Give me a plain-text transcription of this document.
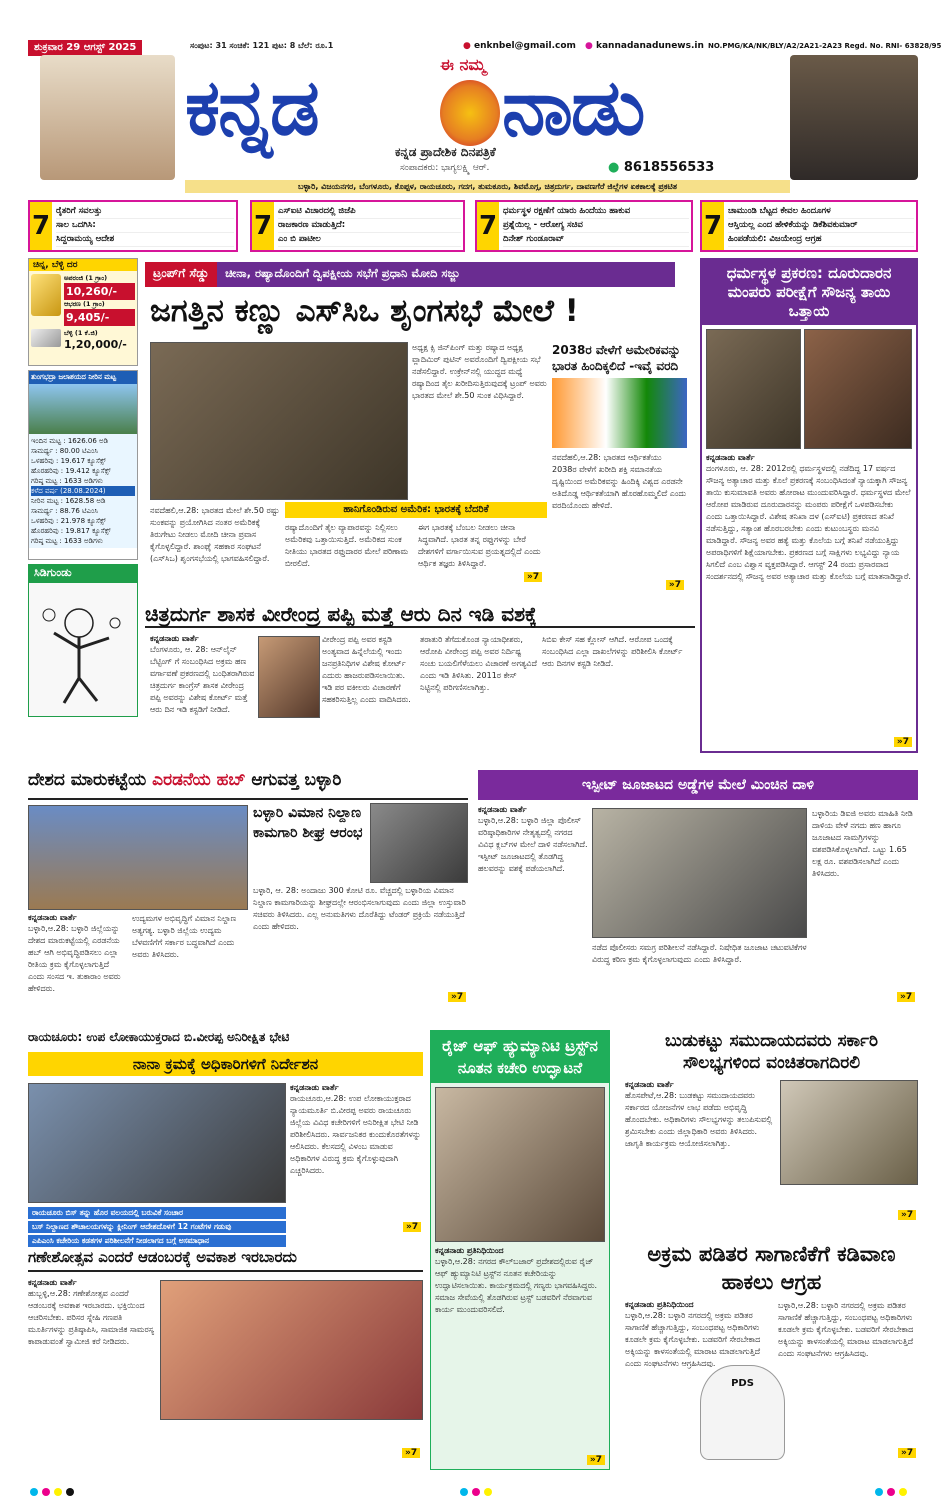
ಶುಕ್ರವಾರ 29 ಆಗಸ್ಟ್ 2025	ಸಂಪುಟ: 31 ಸಂಚಿಕೆ: 121 ಪುಟ: 8 ಬೆಲೆ: ರೂ.1	● enknbel@gmail.com ● kannadanadunews.in NO.PMG/KA/NK/BLY/A2/2A21-2A23 Regd. No. RNI- 63828/95
ಕನ್ನಡ	ಈ ನಮ್ಮ ನಾಡು
ಕನ್ನಡ ಪ್ರಾದೇಶಿಕ ದಿನಪತ್ರಿಕೆ
ಸಂಪಾದಕರು: ಭಾಗ್ಯಲಕ್ಷ್ಮಿ ಆರ್.	● 8618556533
ಬಳ್ಳಾರಿ, ವಿಜಯನಗರ, ಬೆಂಗಳೂರು, ಕೊಪ್ಪಳ, ರಾಯಚೂರು, ಗದಗ, ತುಮಕೂರು, ಶಿವಮೊಗ್ಗ, ಚಿತ್ರದುರ್ಗ, ದಾವಣಗೆರೆ ಜಿಲ್ಲೆಗಳ ಏಕಕಾಲಕ್ಕೆ ಪ್ರಕಟಿತ
7 ರೈತರಿಗೆ ಸವಲತ್ತು
ಸಾಲ ಒದಗಿಸಿ:
ಸಿದ್ದರಾಮಯ್ಯ ಆದೇಶ	7 ಎಸ್‌ಐಟಿ ವಿಚಾರದಲ್ಲಿ ಜಿಜೆಪಿ
ರಾಜಕಾರಣ ಮಾಡುತ್ತಿದೆ:
ಎಂ ಬಿ ಪಾಟೀಲ	7 ಧರ್ಮಸ್ಥಳ ರಕ್ಷಣೆಗೆ ಯಾರು ಹಿಂದೆಯು ಹಾಕುವ
ಪ್ರಶ್ನೆಯಿಲ್ಲ - ಆರೋಗ್ಯ ಸಚಿವ
ದಿನೇಶ್ ಗುಂಡೂರಾವ್	7 ಚಾಮುಂಡಿ ಬೆಟ್ಟದ ಕೇವಲ ಹಿಂದೂಗಳ
ಆಸ್ತಿಯಲ್ಲ ಎಂದ ಹೇಳಿಕೆಯನ್ನು ಡಿಕೆಶಿವಕುಮಾರ್
ಹಿಂಪಡೆಯಲಿ: ವಿಜಯೇಂದ್ರ ಆಗ್ರಹ
ಚಿನ್ನ, ಬೆಳ್ಳಿ ದರ
ಅಪರಂಜಿ (1 ಗ್ರಾಂ)
10,260/-
ಆಭರಣ (1 ಗ್ರಾಂ)
9,405/-
ಬೆಳ್ಳಿ (1 ಕೆ.ಜಿ)
1,20,000/-
ತುಂಗಭದ್ರಾ ಜಲಾಶಯದ ನೀರಿನ ಮಟ್ಟ
ಇಂದಿನ ಮಟ್ಟ : 1626.06 ಅಡಿ
ಸಾಮರ್ಥ್ಯ : 80.00 ಟಿಎಂಸಿ
ಒಳಹರಿವು : 19.617 ಕ್ಯೂಸೆಕ್ಸ್
ಹೊರಹರಿವು : 19.412 ಕ್ಯೂಸೆಕ್ಸ್
ಗರಿಷ್ಠ ಮಟ್ಟ : 1633 ಅಡಿಗಳು
ಕಳೆದ ವರ್ಷ (28.08.2024)
ನೀರಿನ ಮಟ್ಟ : 1628.58 ಅಡಿ
ಸಾಮರ್ಥ್ಯ : 88.76 ಟಿಎಂಸಿ
ಒಳಹರಿವು : 21.978 ಕ್ಯೂಸೆಕ್ಸ್
ಹೊರಹರಿವು : 19.817 ಕ್ಯೂಸೆಕ್ಸ್
ಗರಿಷ್ಠ ಮಟ್ಟ : 1633 ಅಡಿಗಳು
ಸಿಡಿಗುಂಡು
ಟ್ರಂಪ್‌ಗೆ ಸೆಡ್ಡು	ಚೀನಾ, ರಷ್ಯಾದೊಂದಿಗೆ ದ್ವಿಪಕ್ಷೀಯ ಸಭೆಗೆ ಪ್ರಧಾನಿ ಮೋದಿ ಸಜ್ಜು
ಜಗತ್ತಿನ ಕಣ್ಣು ಎಸ್‌ಸಿಒ ಶೃಂಗಸಭೆ ಮೇಲೆ !
ಅಧ್ಯಕ್ಷ ಕ್ಸಿ ಜಿನ್‌ಪಿಂಗ್ ಮತ್ತು ರಷ್ಯಾದ ಅಧ್ಯಕ್ಷ ವ್ಲಾದಿಮಿರ್ ಪುಟಿನ್ ಅವರೊಂದಿಗೆ ದ್ವಿಪಕ್ಷೀಯ ಸಭೆ ನಡೆಸಲಿದ್ದಾರೆ. ಉಕ್ರೇನ್‌ನಲ್ಲಿ ಯುದ್ಧದ ಮಧ್ಯೆ ರಷ್ಯಾದಿಂದ ತೈಲ ಖರೀದಿಸುತ್ತಿರುವುದಕ್ಕೆ ಟ್ರಂಪ್ ಅವರು ಭಾರತದ ಮೇಲೆ ಶೇ.50 ಸುಂಕ ವಿಧಿಸಿದ್ದಾರೆ.
2038ರ ವೇಳೆಗೆ ಅಮೇರಿಕವನ್ನು ಭಾರತ ಹಿಂದಿಕ್ಕಲಿದೆ -ಇವೈ ವರದಿ
ನವದೆಹಲಿ,ಆ.28: ಭಾರತದ ಆರ್ಥಿಕತೆಯು 2038ರ ವೇಳೆಗೆ ಖರೀದಿ ಶಕ್ತಿ ಸಮಾನತೆಯ ದೃಷ್ಟಿಯಿಂದ ಅಮೆರಿಕವನ್ನು ಹಿಂದಿಕ್ಕಿ ವಿಶ್ವದ ಎರಡನೇ ಅತಿದೊಡ್ಡ ಆರ್ಥಿಕತೆಯಾಗಿ ಹೊರಹೊಮ್ಮಲಿದೆ ಎಂದು ವರದಿಯೊಂದು ಹೇಳಿದೆ.
»7
ನವದೆಹಲಿ,ಆ.28: ಭಾರತದ ಮೇಲೆ ಶೇ.50 ರಷ್ಟು ಸುಂಕವನ್ನು ಪ್ರಯೋಗಿಸಿದ ನಂತರ ಅಮೆರಿಕಕ್ಕೆ ತಿರುಗೇಟು ನೀಡಲು ಮೋದಿ ಚೀನಾ ಪ್ರವಾಸ ಕೈಗೊಳ್ಳಲಿದ್ದಾರೆ. ಶಾಂಘೈ ಸಹಕಾರ ಸಂಘಟನೆ (ಎಸ್‌ಸಿಒ) ಶೃಂಗಸಭೆಯಲ್ಲಿ ಭಾಗವಹಿಸಲಿದ್ದಾರೆ.
ಹಾನಿಗೊಂಡಿರುವ ಅಮೆರಿಕ: ಭಾರತಕ್ಕೆ ಬೆದರಿಕೆ
ರಷ್ಯಾದೊಂದಿಗೆ ತೈಲ ವ್ಯಾಪಾರವನ್ನು ನಿಲ್ಲಿಸಲು ಅಮೆರಿಕವು ಒತ್ತಾಯಿಸುತ್ತಿದೆ. ಅಮೆರಿಕದ ಸುಂಕ ನೀತಿಯು ಭಾರತದ ರಫ್ತುದಾರರ ಮೇಲೆ ಪರಿಣಾಮ ಬೀರಲಿದೆ.
ಈಗ ಭಾರತಕ್ಕೆ ಬೆಂಬಲ ನೀಡಲು ಚೀನಾ ಸಿದ್ಧವಾಗಿದೆ. ಭಾರತ ತನ್ನ ರಫ್ತುಗಳನ್ನು ಬೇರೆ ದೇಶಗಳಿಗೆ ವರ್ಗಾಯಿಸುವ ಪ್ರಯತ್ನದಲ್ಲಿದೆ ಎಂದು ಆರ್ಥಿಕ ತಜ್ಞರು ತಿಳಿಸಿದ್ದಾರೆ.
»7
ಧರ್ಮಸ್ಥಳ ಪ್ರಕರಣ: ದೂರುದಾರನ ಮಂಪರು ಪರೀಕ್ಷೆಗೆ ಸೌಜನ್ಯ ತಾಯಿ ಒತ್ತಾಯ
ಕನ್ನಡನಾಡು ವಾರ್ತೆ
ದಂಗಳೂರು, ಆ. 28: 2012ರಲ್ಲಿ ಧರ್ಮಸ್ಥಳದಲ್ಲಿ ನಡೆದಿದ್ದ 17 ವರ್ಷದ ಸೌಜನ್ಯ ಅತ್ಯಾಚಾರ ಮತ್ತು ಕೊಲೆ ಪ್ರಕರಣಕ್ಕೆ ಸಂಬಂಧಿಸಿದಂತೆ ನ್ಯಾಯಕ್ಕಾಗಿ ಸೌಜನ್ಯ ತಾಯಿ ಕುಸುಮಾವತಿ ಅವರು ಹೋರಾಟ ಮುಂದುವರಿಸಿದ್ದಾರೆ. ಧರ್ಮಸ್ಥಳದ ಮೇಲೆ ಆರೋಪ ಮಾಡಿರುವ ದೂರುದಾರನನ್ನು ಮಂಪರು ಪರೀಕ್ಷೆಗೆ ಒಳಪಡಿಸಬೇಕು ಎಂದು ಒತ್ತಾಯಿಸಿದ್ದಾರೆ. ವಿಶೇಷ ತನಿಖಾ ದಳ (ಎಸ್‌ಐಟಿ) ಪ್ರಕರಣದ ತನಿಖೆ ನಡೆಸುತ್ತಿದ್ದು, ಸತ್ಯಾಂಶ ಹೊರಬರಬೇಕು ಎಂದು ಕುಟುಂಬಸ್ಥರು ಮನವಿ ಮಾಡಿದ್ದಾರೆ. ಸೌಜನ್ಯ ಅವರ ಹತ್ಯೆ ಮತ್ತು ಕೊಲೆಯ ಬಗ್ಗೆ ತನಿಖೆ ನಡೆಯುತ್ತಿದ್ದು ಅಪರಾಧಿಗಳಿಗೆ ಶಿಕ್ಷೆಯಾಗಬೇಕು. ಪ್ರಕರಣದ ಬಗ್ಗೆ ಸಾಕ್ಷಿಗಳು ಲಭ್ಯವಿದ್ದು ನ್ಯಾಯ ಸಿಗಲಿದೆ ಎಂಬ ವಿಶ್ವಾಸ ವ್ಯಕ್ತಪಡಿಸಿದ್ದಾರೆ. ಆಗಸ್ಟ್ 24 ರಂದು ಪ್ರಸಾರವಾದ ಸಂದರ್ಶನದಲ್ಲಿ ಸೌಜನ್ಯ ಅವರ ಅತ್ಯಾಚಾರ ಮತ್ತು ಕೊಲೆಯ ಬಗ್ಗೆ ಮಾತನಾಡಿದ್ದಾರೆ.
»7
ಚಿತ್ರದುರ್ಗ ಶಾಸಕ ವೀರೇಂದ್ರ ಪಪ್ಪಿ ಮತ್ತೆ ಆರು ದಿನ ಇಡಿ ವಶಕ್ಕೆ
ಕನ್ನಡನಾಡು ವಾರ್ತೆ
ಬೆಂಗಳೂರು, ಆ. 28: ಆನ್‌ಲೈನ್ ಬೆಟ್ಟಿಂಗ್ ಗೆ ಸಂಬಂಧಿಸಿದ ಅಕ್ರಮ ಹಣ ವರ್ಗಾವಣೆ ಪ್ರಕರಣದಲ್ಲಿ ಬಂಧಿತರಾಗಿರುವ ಚಿತ್ರದುರ್ಗ ಕಾಂಗ್ರೆಸ್ ಶಾಸಕ ವೀರೇಂದ್ರ ಪಪ್ಪಿ ಅವರನ್ನು ವಿಶೇಷ ಕೋರ್ಟ್ ಮತ್ತೆ ಆರು ದಿನ ಇಡಿ ಕಸ್ಟಡಿಗೆ ನೀಡಿದೆ.
ವೀರೇಂದ್ರ ಪಪ್ಪಿ ಅವರ ಕಸ್ಟಡಿ ಅಂತ್ಯವಾದ ಹಿನ್ನೆಲೆಯಲ್ಲಿ ಇಂದು ಜನಪ್ರತಿನಿಧಿಗಳ ವಿಶೇಷ ಕೋರ್ಟ್ ಎದುರು ಹಾಜರುಪಡಿಸಲಾಯಿತು. ಇಡಿ ಪರ ವಕೀಲರು ವಿಚಾರಣೆಗೆ ಸಹಕರಿಸುತ್ತಿಲ್ಲ ಎಂದು ವಾದಿಸಿದರು.
ತರಾತುರಿ ತೆಗೆದುಕೊಂಡ ನ್ಯಾಯಾಧೀಶರು, ಆರೋಪಿ ವೀರೇಂದ್ರ ಪಪ್ಪಿ ಅವರ ನಿರ್ದಿಷ್ಟ ಸಂಚು ಬಯಲಿಗೆಳೆಯಲು ವಿಚಾರಣೆ ಅಗತ್ಯವಿದೆ ಎಂದು ಇಡಿ ತಿಳಿಸಿತು. 2011ರ ಕೇಸ್ ನಿಟ್ಟಿನಲ್ಲಿ ಪರಿಗಣಿಸಲಾಗಿತ್ತು.
ಸಿಬಿಐ ಕೇಸ್ ಸಹ ಕ್ಲೋಸ್ ಆಗಿದೆ. ಆರೋಪ ಒಂದಕ್ಕೆ ಸಂಬಂಧಿಸಿದ ಎಲ್ಲಾ ದಾಖಲೆಗಳನ್ನು ಪರಿಶೀಲಿಸಿ ಕೋರ್ಟ್ ಆರು ದಿನಗಳ ಕಸ್ಟಡಿ ನೀಡಿದೆ.
ದೇಶದ ಮಾರುಕಟ್ಟೆಯ ಎರಡನೆಯ ಹಬ್ ಆಗುವತ್ತ ಬಳ್ಳಾರಿ
ಬಳ್ಳಾರಿ ವಿಮಾನ ನಿಲ್ದಾಣ ಕಾಮಗಾರಿ ಶೀಘ್ರ ಆರಂಭ
ಕನ್ನಡನಾಡು ವಾರ್ತೆ
ಬಳ್ಳಾರಿ,ಆ.28: ಬಳ್ಳಾರಿ ಜಿಲ್ಲೆಯನ್ನು ದೇಶದ ಮಾರುಕಟ್ಟೆಯಲ್ಲಿ ಎರಡನೆಯ ಹಬ್ ಆಗಿ ಅಭಿವೃದ್ಧಿಪಡಿಸಲು ಎಲ್ಲಾ ರೀತಿಯ ಕ್ರಮ ಕೈಗೊಳ್ಳಲಾಗುತ್ತಿದೆ ಎಂದು ಸಂಸದ ಇ. ತುಕಾರಾಂ ಅವರು ಹೇಳಿದರು.
ಉದ್ಯಮಗಳ ಅಭಿವೃದ್ಧಿಗೆ ವಿಮಾನ ನಿಲ್ದಾಣ ಅತ್ಯಗತ್ಯ. ಬಳ್ಳಾರಿ ಜಿಲ್ಲೆಯ ಉದ್ಯಮ ಬೆಳವಣಿಗೆಗೆ ಸರ್ಕಾರ ಬದ್ಧವಾಗಿದೆ ಎಂದು ಅವರು ತಿಳಿಸಿದರು.
ಬಳ್ಳಾರಿ, ಆ. 28: ಅಂದಾಜು 300 ಕೋಟಿ ರೂ. ವೆಚ್ಚದಲ್ಲಿ ಬಳ್ಳಾರಿಯ ವಿಮಾನ ನಿಲ್ದಾಣ ಕಾಮಗಾರಿಯನ್ನು ಶೀಘ್ರದಲ್ಲೇ ಆರಂಭಿಸಲಾಗುವುದು ಎಂದು ಜಿಲ್ಲಾ ಉಸ್ತುವಾರಿ ಸಚಿವರು ತಿಳಿಸಿದರು. ಎಲ್ಲ ಅನುಮತಿಗಳು ದೊರೆತಿದ್ದು ಟೆಂಡರ್ ಪ್ರಕ್ರಿಯೆ ನಡೆಯುತ್ತಿದೆ ಎಂದು ಹೇಳಿದರು.
»7
ಇಸ್ಪೀಟ್ ಜೂಜಾಟದ ಅಡ್ಡೆಗಳ ಮೇಲೆ ಮಿಂಚಿನ ದಾಳಿ
ಕನ್ನಡನಾಡು ವಾರ್ತೆ
ಬಳ್ಳಾರಿ,ಆ.28: ಬಳ್ಳಾರಿ ಜಿಲ್ಲಾ ಪೊಲೀಸ್ ವರಿಷ್ಠಾಧಿಕಾರಿಗಳ ನೇತೃತ್ವದಲ್ಲಿ ನಗರದ ವಿವಿಧ ಕ್ಲಬ್‌ಗಳ ಮೇಲೆ ದಾಳಿ ನಡೆಸಲಾಗಿದೆ. ಇಸ್ಪೀಟ್ ಜೂಜಾಟದಲ್ಲಿ ತೊಡಗಿದ್ದ ಹಲವರನ್ನು ವಶಕ್ಕೆ ಪಡೆಯಲಾಗಿದೆ.
ಬಳ್ಳಾರಿಯ ಡಿಐಜಿ ಅವರು ಮಾಹಿತಿ ನೀಡಿ ದಾಳಿಯ ವೇಳೆ ನಗದು ಹಣ ಹಾಗೂ ಜೂಜಾಟದ ಸಾಮಗ್ರಿಗಳನ್ನು ವಶಪಡಿಸಿಕೊಳ್ಳಲಾಗಿದೆ. ಒಟ್ಟು 1.65 ಲಕ್ಷ ರೂ. ವಶಪಡಿಸಲಾಗಿದೆ ಎಂದು ತಿಳಿಸಿದರು.
ನಡೆದ ಪೊಲೀಸರು ಸಮಗ್ರ ಪರಿಶೀಲನೆ ನಡೆಸಿದ್ದಾರೆ. ನಿಷೇಧಿತ ಜೂಜಾಟ ಚಟುವಟಿಕೆಗಳ ವಿರುದ್ಧ ಕಠಿಣ ಕ್ರಮ ಕೈಗೊಳ್ಳಲಾಗುವುದು ಎಂದು ತಿಳಿಸಿದ್ದಾರೆ.
»7
ರಾಯಚೂರು: ಉಪ ಲೋಕಾಯುಕ್ತರಾದ ಬಿ.ವೀರಪ್ಪ ಅನಿರೀಕ್ಷಿತ ಭೇಟಿ
ನಾನಾ ಕ್ರಮಕ್ಕೆ ಅಧಿಕಾರಿಗಳಿಗೆ ನಿರ್ದೇಶನ
ಕನ್ನಡನಾಡು ವಾರ್ತೆ
ರಾಯಚೂರು,ಆ.28: ಉಪ ಲೋಕಾಯುಕ್ತರಾದ ನ್ಯಾಯಮೂರ್ತಿ ಬಿ.ವೀರಪ್ಪ ಅವರು ರಾಯಚೂರು ಜಿಲ್ಲೆಯ ವಿವಿಧ ಕಚೇರಿಗಳಿಗೆ ಅನಿರೀಕ್ಷಿತ ಭೇಟಿ ನೀಡಿ ಪರಿಶೀಲಿಸಿದರು. ಸಾರ್ವಜನಿಕರ ಕುಂದುಕೊರತೆಗಳನ್ನು ಆಲಿಸಿದರು. ಕೆಲಸದಲ್ಲಿ ವಿಳಂಬ ಮಾಡುವ ಅಧಿಕಾರಿಗಳ ವಿರುದ್ಧ ಕ್ರಮ ಕೈಗೊಳ್ಳುವುದಾಗಿ ಎಚ್ಚರಿಸಿದರು.
ರಾಯಚೂರು ಬಿಸ್ ತನ್ನು ಹೊರ ವಲಯದಲ್ಲಿ ಬರುವಿಕೆ ಸಂಚಾರ
ಬಸ್ ನಿಲ್ದಾಣದ ಶೌಚಾಲಯಗಳನ್ನು ಕ್ಲೀನಿಂಗ್ ಆದೇಶದೊಳಗೆ 12 ಗಂಟೆಗಳ ಗಡುವು
ಎಪಿಎಂಸಿ ಕಚೇರಿಯ ಕಡತಗಳ ಪರಿಶೀಲನೆಗೆ ನೀಡಲಾಗದ ಬಗ್ಗೆ ಅಸಮಾಧಾನ
»7
ರೈಜ್ ಆಫ್ ಹ್ಯುಮ್ಯಾನಿಟಿ ಟ್ರಸ್ಟ್‌ನ ನೂತನ ಕಚೇರಿ ಉದ್ಘಾಟನೆ
ಕನ್ನಡನಾಡು ಪ್ರತಿನಿಧಿಯಿಂದ
ಬಳ್ಳಾರಿ,ಆ.28: ನಗರದ ಕೌಲ್‌ಬಜಾರ್ ಪ್ರದೇಶದಲ್ಲಿರುವ ರೈಜ್ ಆಫ್ ಹ್ಯುಮ್ಯಾನಿಟಿ ಟ್ರಸ್ಟ್‌ನ ನೂತನ ಕಚೇರಿಯನ್ನು ಉದ್ಘಾಟಿಸಲಾಯಿತು. ಕಾರ್ಯಕ್ರಮದಲ್ಲಿ ಗಣ್ಯರು ಭಾಗವಹಿಸಿದ್ದರು. ಸಮಾಜ ಸೇವೆಯಲ್ಲಿ ತೊಡಗಿರುವ ಟ್ರಸ್ಟ್ ಬಡವರಿಗೆ ನೆರವಾಗುವ ಕಾರ್ಯ ಮುಂದುವರಿಸಲಿದೆ.
»7
ಬುಡುಕಟ್ಟು ಸಮುದಾಯದವರು ಸರ್ಕಾರಿ ಸೌಲಭ್ಯಗಳಿಂದ ವಂಚಿತರಾಗದಿರಲಿ
ಕನ್ನಡನಾಡು ವಾರ್ತೆ
ಹೊಸಪೇಟೆ,ಆ.28: ಬುಡಕಟ್ಟು ಸಮುದಾಯದವರು ಸರ್ಕಾರದ ಯೋಜನೆಗಳ ಲಾಭ ಪಡೆದು ಅಭಿವೃದ್ಧಿ ಹೊಂದಬೇಕು. ಅಧಿಕಾರಿಗಳು ಸೌಲಭ್ಯಗಳನ್ನು ತಲುಪಿಸುವಲ್ಲಿ ಶ್ರಮಿಸಬೇಕು ಎಂದು ಜಿಲ್ಲಾಧಿಕಾರಿ ಅವರು ತಿಳಿಸಿದರು. ಜಾಗೃತಿ ಕಾರ್ಯಕ್ರಮ ಆಯೋಜಿಸಲಾಗಿತ್ತು.
»7
ಗಣೇಶೋತ್ಸವ ಎಂದರೆ ಆಡಂಬರಕ್ಕೆ ಅವಕಾಶ ಇರಬಾರದು
ಕನ್ನಡನಾಡು ವಾರ್ತೆ
ಹುಬ್ಬಳ್ಳಿ,ಆ.28: ಗಣೇಶೋತ್ಸವ ಎಂದರೆ ಆಡಂಬರಕ್ಕೆ ಅವಕಾಶ ಇರಬಾರದು. ಭಕ್ತಿಯಿಂದ ಆಚರಿಸಬೇಕು. ಪರಿಸರ ಸ್ನೇಹಿ ಗಣಪತಿ ಮೂರ್ತಿಗಳನ್ನು ಪ್ರತಿಷ್ಠಾಪಿಸಿ, ಸಾಮಾಜಿಕ ಸಾಮರಸ್ಯ ಕಾಪಾಡುವಂತೆ ಸ್ವಾಮೀಜಿ ಕರೆ ನೀಡಿದರು.
»7
ಅಕ್ರಮ ಪಡಿತರ ಸಾಗಾಣಿಕೆಗೆ ಕಡಿವಾಣ ಹಾಕಲು ಆಗ್ರಹ
ಕನ್ನಡನಾಡು ಪ್ರತಿನಿಧಿಯಿಂದ
ಬಳ್ಳಾರಿ,ಆ.28: ಬಳ್ಳಾರಿ ನಗರದಲ್ಲಿ ಅಕ್ರಮ ಪಡಿತರ ಸಾಗಾಣಿಕೆ ಹೆಚ್ಚಾಗುತ್ತಿದ್ದು, ಸಂಬಂಧಪಟ್ಟ ಅಧಿಕಾರಿಗಳು ಕೂಡಲೇ ಕ್ರಮ ಕೈಗೊಳ್ಳಬೇಕು. ಬಡವರಿಗೆ ಸೇರಬೇಕಾದ ಅಕ್ಕಿಯನ್ನು ಕಾಳಸಂತೆಯಲ್ಲಿ ಮಾರಾಟ ಮಾಡಲಾಗುತ್ತಿದೆ ಎಂದು ಸಂಘಟನೆಗಳು ಆಗ್ರಹಿಸಿದವು.
PDS
ಬಳ್ಳಾರಿ,ಆ.28: ಬಳ್ಳಾರಿ ನಗರದಲ್ಲಿ ಅಕ್ರಮ ಪಡಿತರ ಸಾಗಾಣಿಕೆ ಹೆಚ್ಚಾಗುತ್ತಿದ್ದು, ಸಂಬಂಧಪಟ್ಟ ಅಧಿಕಾರಿಗಳು ಕೂಡಲೇ ಕ್ರಮ ಕೈಗೊಳ್ಳಬೇಕು. ಬಡವರಿಗೆ ಸೇರಬೇಕಾದ ಅಕ್ಕಿಯನ್ನು ಕಾಳಸಂತೆಯಲ್ಲಿ ಮಾರಾಟ ಮಾಡಲಾಗುತ್ತಿದೆ ಎಂದು ಸಂಘಟನೆಗಳು ಆಗ್ರಹಿಸಿದವು.
»7
